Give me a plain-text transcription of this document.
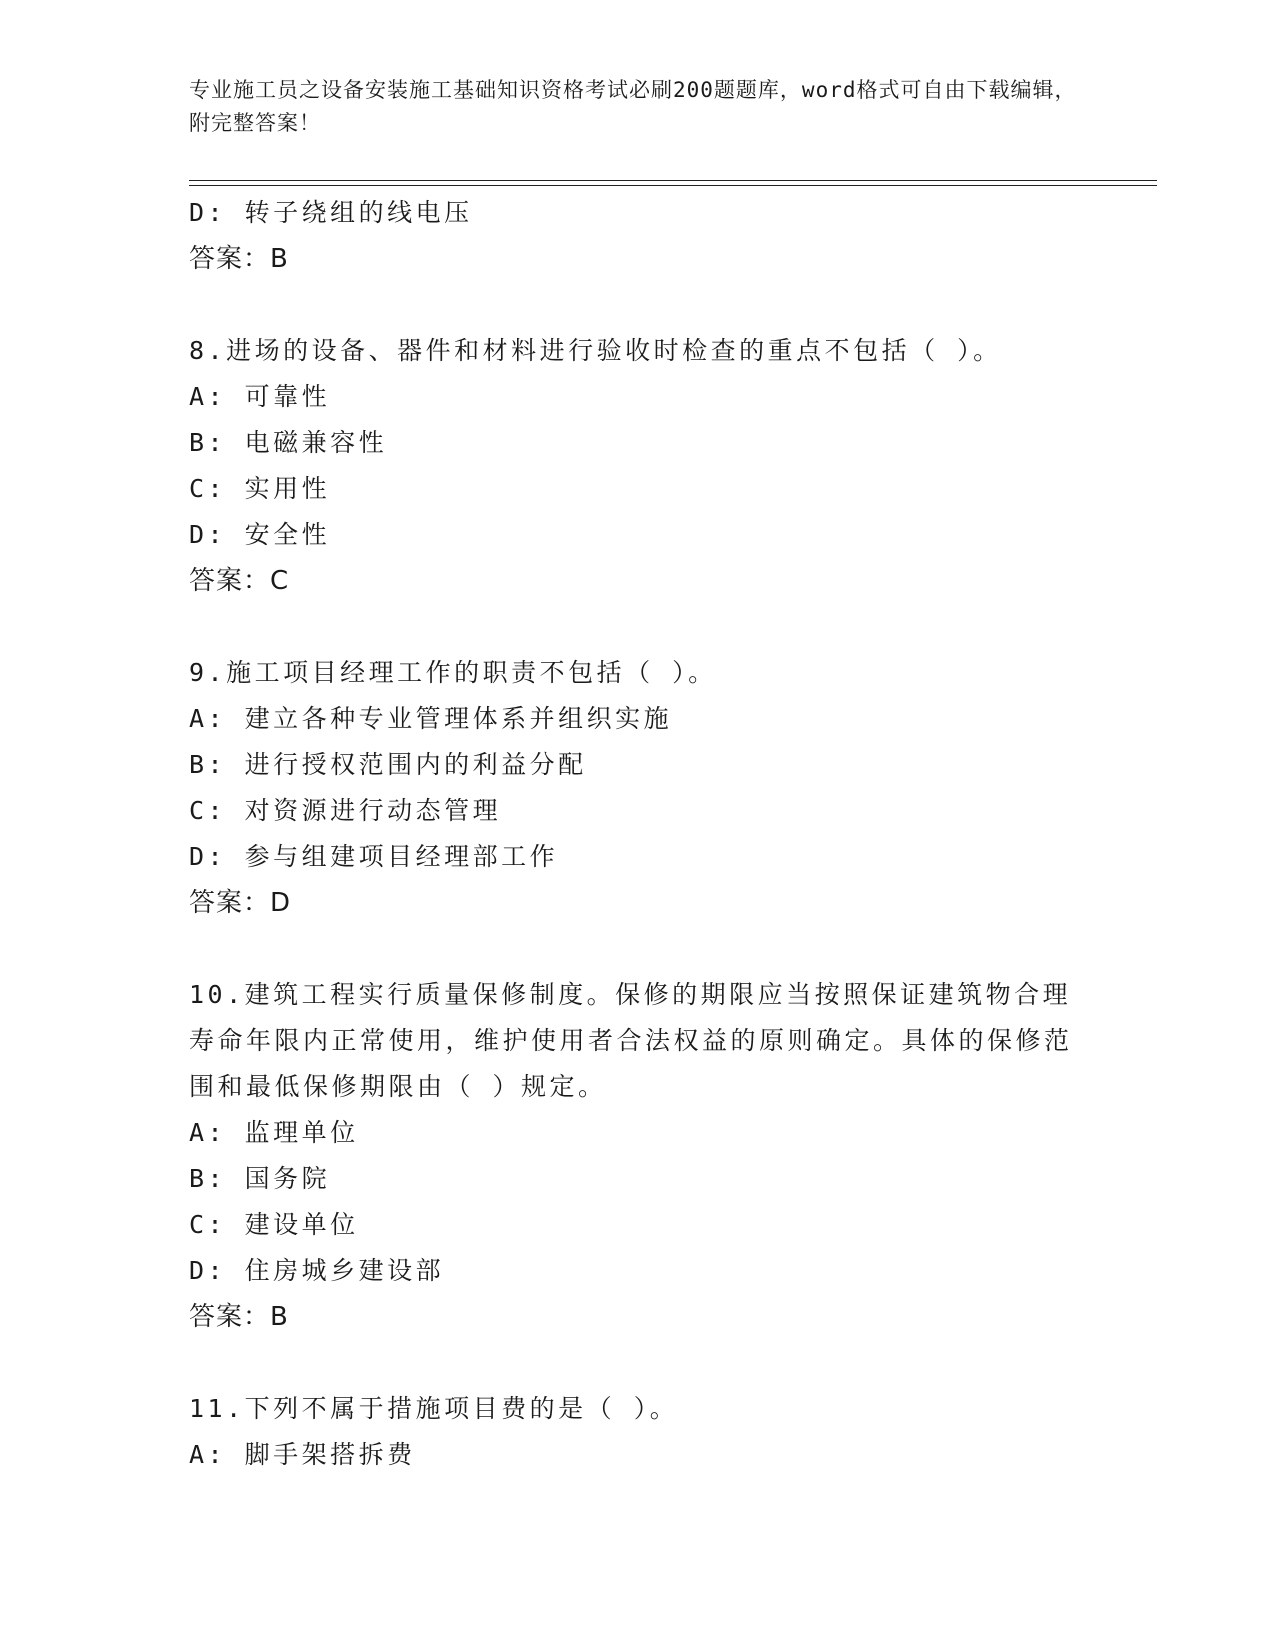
专业施工员之设备安装施工基础知识资格考试必刷200题题库，word格式可自由下载编辑，附完整答案！

D: 转子绕组的线电压

答案：B

8.进场的设备、器件和材料进行验收时检查的重点不包括（ ）。

A: 可靠性

B: 电磁兼容性

C: 实用性

D: 安全性

答案：C

9.施工项目经理工作的职责不包括（ ）。

A: 建立各种专业管理体系并组织实施

B: 进行授权范围内的利益分配

C: 对资源进行动态管理

D: 参与组建项目经理部工作

答案：D

10.建筑工程实行质量保修制度。保修的期限应当按照保证建筑物合理寿命年限内正常使用，维护使用者合法权益的原则确定。具体的保修范围和最低保修期限由（ ）规定。

A: 监理单位

B: 国务院

C: 建设单位

D: 住房城乡建设部

答案：B

11.下列不属于措施项目费的是（ ）。

A: 脚手架搭拆费
